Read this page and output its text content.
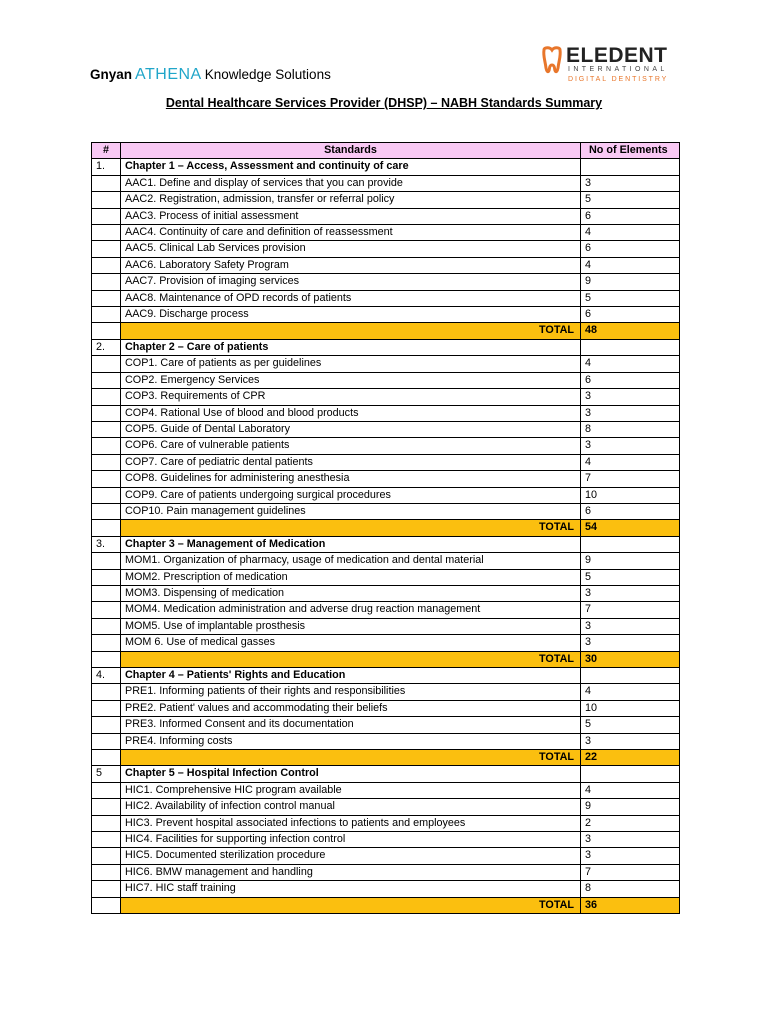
Gnyan ATHENA Knowledge Solutions
ELEDENT
INTERNATIONAL
DIGITAL DENTISTRY
Dental Healthcare Services Provider (DHSP) – NABH Standards Summary
#	Standards	No of Elements
1.	Chapter 1 – Access, Assessment and continuity of care	
	AAC1. Define and display of services that you can provide	3
	AAC2. Registration, admission, transfer or referral policy	5
	AAC3. Process of initial assessment	6
	AAC4. Continuity of care and definition of reassessment	4
	AAC5. Clinical Lab Services provision	6
	AAC6. Laboratory Safety Program	4
	AAC7. Provision of imaging services	9
	AAC8. Maintenance of OPD records of patients	5
	AAC9. Discharge process	6
	TOTAL	48
2.	Chapter 2 – Care of patients	
	COP1. Care of patients as per guidelines	4
	COP2. Emergency Services	6
	COP3. Requirements of CPR	3
	COP4. Rational Use of blood and blood products	3
	COP5. Guide of Dental Laboratory	8
	COP6. Care of vulnerable patients	3
	COP7. Care of pediatric dental patients	4
	COP8. Guidelines for administering anesthesia	7
	COP9. Care of patients undergoing surgical procedures	10
	COP10. Pain management guidelines	6
	TOTAL	54
3.	Chapter 3 – Management of Medication	
	MOM1. Organization of pharmacy, usage of medication and dental material	9
	MOM2. Prescription of medication	5
	MOM3. Dispensing of medication	3
	MOM4. Medication administration and adverse drug reaction management	7
	MOM5. Use of implantable prosthesis	3
	MOM 6. Use of medical gasses	3
	TOTAL	30
4.	Chapter 4 – Patients' Rights and Education	
	PRE1. Informing patients of their rights and responsibilities	4
	PRE2. Patient' values and accommodating their beliefs	10
	PRE3. Informed Consent and its documentation	5
	PRE4. Informing costs	3
	TOTAL	22
5	Chapter 5 – Hospital Infection Control	
	HIC1. Comprehensive HIC program available	4
	HIC2. Availability of infection control manual	9
	HIC3. Prevent hospital associated infections to patients and employees	2
	HIC4. Facilities for supporting infection control	3
	HIC5. Documented sterilization procedure	3
	HIC6. BMW management and handling	7
	HIC7. HIC staff training	8
	TOTAL	36
